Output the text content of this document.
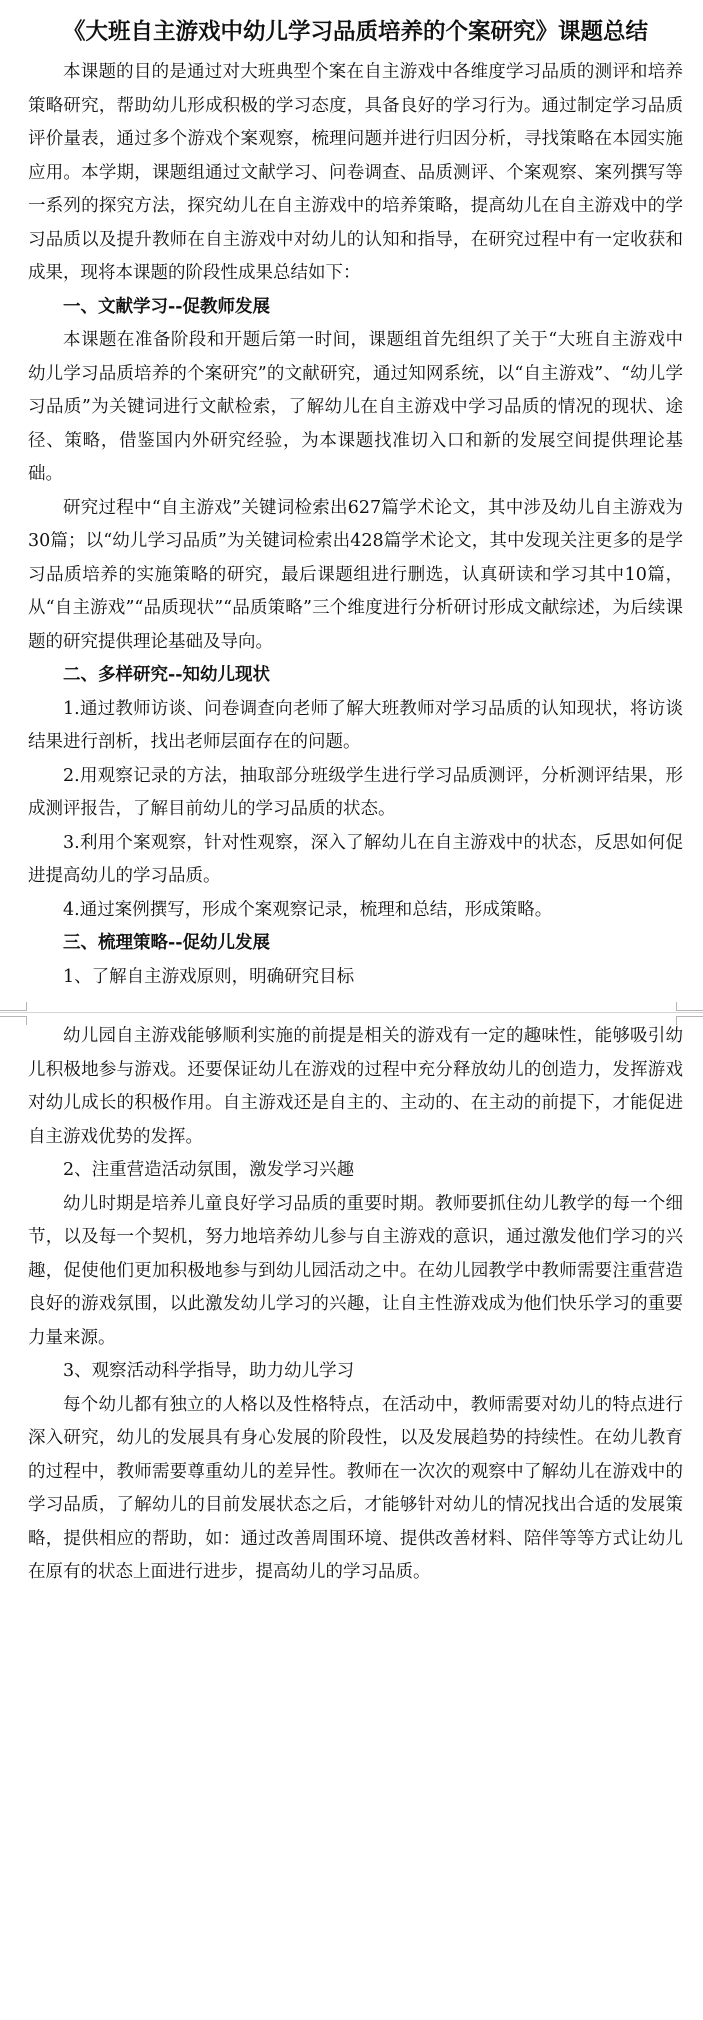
《大班自主游戏中幼儿学习品质培养的个案研究》课题总结

本课题的目的是通过对大班典型个案在自主游戏中各维度学习品质的测评和培养策略研究，帮助幼儿形成积极的学习态度，具备良好的学习行为。通过制定学习品质评价量表，通过多个游戏个案观察，梳理问题并进行归因分析，寻找策略在本园实施应用。本学期，课题组通过文献学习、问卷调查、品质测评、个案观察、案列撰写等一系列的探究方法，探究幼儿在自主游戏中的培养策略，提高幼儿在自主游戏中的学习品质以及提升教师在自主游戏中对幼儿的认知和指导，在研究过程中有一定收获和成果，现将本课题的阶段性成果总结如下：

一、文献学习--促教师发展

本课题在准备阶段和开题后第一时间，课题组首先组织了关于“大班自主游戏中幼儿学习品质培养的个案研究”的文献研究，通过知网系统，以“自主游戏”、“幼儿学习品质”为关键词进行文献检索，了解幼儿在自主游戏中学习品质的情况的现状、途径、策略，借鉴国内外研究经验，为本课题找准切入口和新的发展空间提供理论基础。

研究过程中“自主游戏”关键词检索出627篇学术论文，其中涉及幼儿自主游戏为30篇；以“幼儿学习品质”为关键词检索出428篇学术论文，其中发现关注更多的是学习品质培养的实施策略的研究，最后课题组进行删选，认真研读和学习其中10篇，从“自主游戏”“品质现状”“品质策略”三个维度进行分析研讨形成文献综述，为后续课题的研究提供理论基础及导向。

二、多样研究--知幼儿现状

1.通过教师访谈、问卷调查向老师了解大班教师对学习品质的认知现状，将访谈结果进行剖析，找出老师层面存在的问题。

2.用观察记录的方法，抽取部分班级学生进行学习品质测评，分析测评结果，形成测评报告，了解目前幼儿的学习品质的状态。

3.利用个案观察，针对性观察，深入了解幼儿在自主游戏中的状态，反思如何促进提高幼儿的学习品质。

4.通过案例撰写，形成个案观察记录，梳理和总结，形成策略。

三、梳理策略--促幼儿发展

1、了解自主游戏原则，明确研究目标

幼儿园自主游戏能够顺利实施的前提是相关的游戏有一定的趣味性，能够吸引幼儿积极地参与游戏。还要保证幼儿在游戏的过程中充分释放幼儿的创造力，发挥游戏对幼儿成长的积极作用。自主游戏还是自主的、主动的、在主动的前提下，才能促进自主游戏优势的发挥。

2、注重营造活动氛围，激发学习兴趣

幼儿时期是培养儿童良好学习品质的重要时期。教师要抓住幼儿教学的每一个细节，以及每一个契机，努力地培养幼儿参与自主游戏的意识，通过激发他们学习的兴趣，促使他们更加积极地参与到幼儿园活动之中。在幼儿园教学中教师需要注重营造良好的游戏氛围，以此激发幼儿学习的兴趣，让自主性游戏成为他们快乐学习的重要力量来源。

3、观察活动科学指导，助力幼儿学习

每个幼儿都有独立的人格以及性格特点，在活动中，教师需要对幼儿的特点进行深入研究，幼儿的发展具有身心发展的阶段性，以及发展趋势的持续性。在幼儿教育的过程中，教师需要尊重幼儿的差异性。教师在一次次的观察中了解幼儿在游戏中的学习品质，了解幼儿的目前发展状态之后，才能够针对幼儿的情况找出合适的发展策略，提供相应的帮助，如：通过改善周围环境、提供改善材料、陪伴等等方式让幼儿在原有的状态上面进行进步，提高幼儿的学习品质。
